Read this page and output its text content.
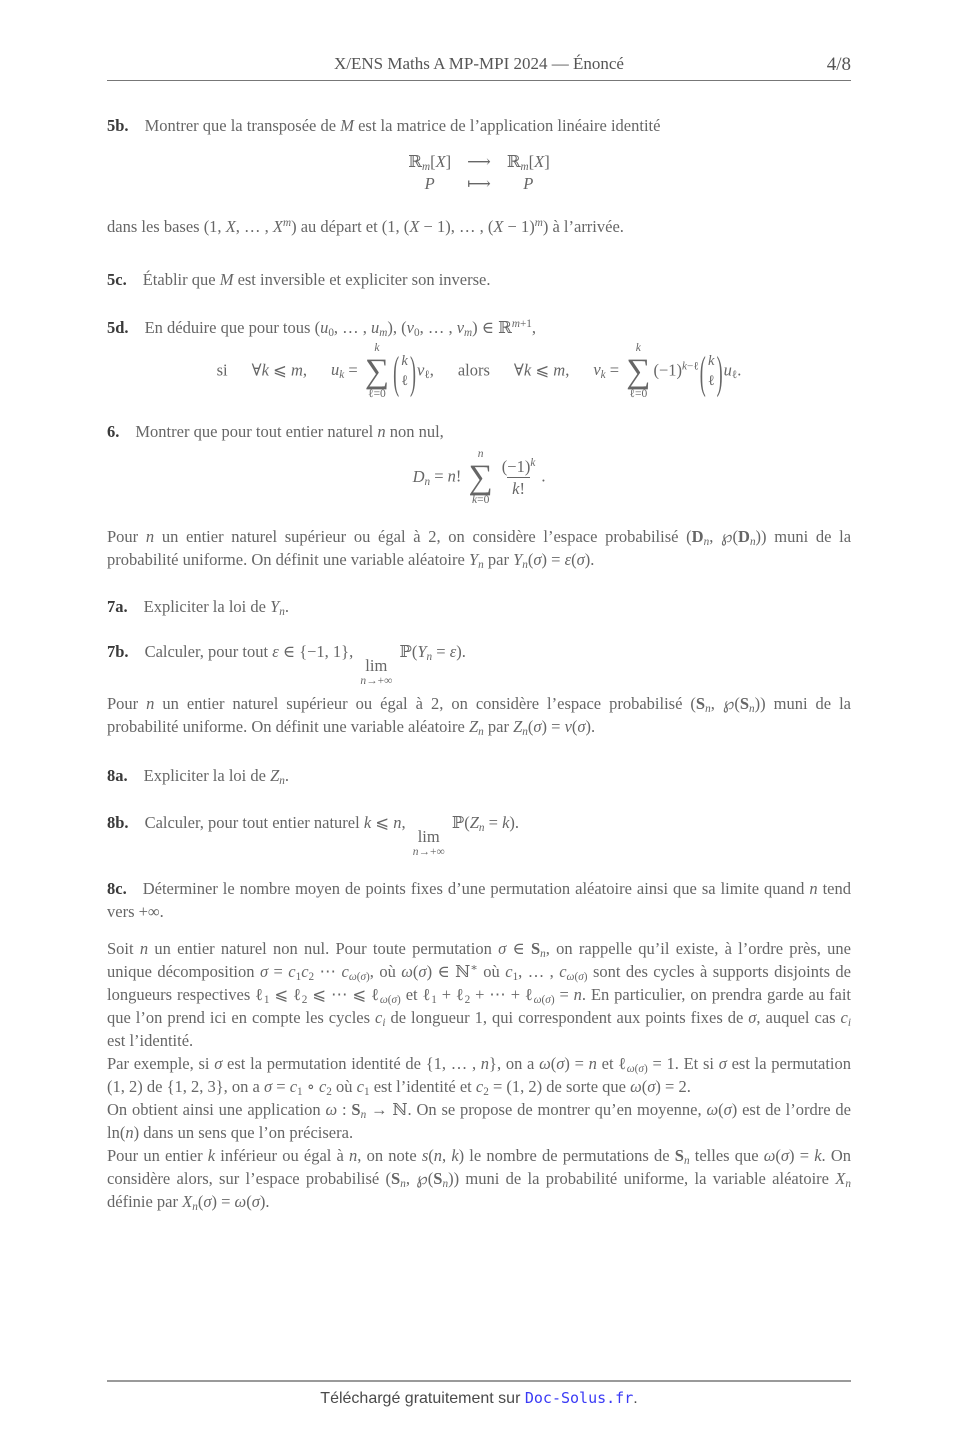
X/ENS Maths A MP-MPI 2024 — Énoncé	4/8

5b. Montrer que la transposée de M est la matrice de l’application linéaire identité

ℝ$_m$[X] ⟶ ℝ$_m$[X]
P	⟼	P

dans les bases (1, X, … , $X^m$) au départ et (1, (X − 1), … , $(X - 1)^m$) à l’arrivée.

5c. Établir que M est inversible et expliciter son inverse.

5d. En déduire que pour tous ($u_0$, … , $u_m$), ($v_0$, … , $v_m$) ∈ ℝ$^{m+1}$,

si ∀k ⩽ m, $u_k$ =
k
∑
ℓ=0 ( k
ℓ ) $v_\ell$, alors ∀k ⩽ m, $v_k$ =
k
∑
ℓ=0
$(-1)^{k-\ell}$ ( k
ℓ ) $u_\ell$.

6. Montrer que pour tout entier naturel n non nul,

$D_n = n$!
n
∑
k=0
$\frac{(-1)^k}{k!}$ .

Pour n un entier naturel supérieur ou égal à 2, on considère l’espace probabilisé ($D_n$, $℘(D_n)$) muni de la probabilité uniforme. On définit une variable aléatoire $Y_n$ par $Y_n(\sigma) = \varepsilon(\sigma)$.

7a. Expliciter la loi de $Y_n$.

7b. Calculer, pour tout ε ∈ {−1, 1},
lim
n→+∞
$ℙ(Y_n = \varepsilon)$.

Pour n un entier naturel supérieur ou égal à 2, on considère l’espace probabilisé ($S_n$, $℘(S_n)$) muni de la probabilité uniforme. On définit une variable aléatoire $Z_n$ par $Z_n(\sigma) = \nu(\sigma)$.

8a. Expliciter la loi de $Z_n$.

8b. Calculer, pour tout entier naturel k ⩽ n,
lim
n→+∞
$ℙ(Z_n = k)$.

8c. Déterminer le nombre moyen de points fixes d’une permutation aléatoire ainsi que sa limite quand n tend vers +∞.

Soit n un entier naturel non nul. Pour toute permutation σ ∈ $S_n$, on rappelle qu’il existe, à l’ordre près, une unique décomposition $\sigma = c_1c_2$ ⋯ $c_{\omega(\sigma)}$, où ω(σ) ∈ ℕ∗ où $c_1$, … , $c_{\omega(\sigma)}$ sont des cycles à supports disjoints de longueurs respectives ℓ$_1$ ⩽ ℓ$_2$ ⩽ ⋯ ⩽ ℓ$_{\omega(\sigma)}$ et ℓ$_1$ + ℓ$_2$ + ⋯ + ℓ$_{\omega(\sigma)}$ = n. En particulier, on prendra garde au fait que l’on prend ici en compte les cycles $c_i$ de longueur 1, qui correspondent aux points fixes de σ, auquel cas $c_i$ est l’identité.

Par exemple, si σ est la permutation identité de {1, … , n}, on a ω(σ) = n et ℓ$_{\omega(\sigma)}$ = 1. Et si σ est la permutation (1, 2) de {1, 2, 3}, on a $\sigma = c_1$ ∘ $c_2$ où $c_1$ est l’identité et $c_2 = (1$, 2) de sorte que ω(σ) = 2.

On obtient ainsi une application ω : $S_n$ → ℕ. On se propose de montrer qu’en moyenne, ω(σ) est de l’ordre de ln(n) dans un sens que l’on précisera.

Pour un entier k inférieur ou égal à n, on note s(n, k) le nombre de permutations de $S_n$ telles que ω(σ) = k. On considère alors, sur l’espace probabilisé ($S_n$, $℘(S_n)$) muni de la probabilité uniforme, la variable aléatoire $X_n$ définie par $X_n(\sigma) = \omega(\sigma)$.

Téléchargé gratuitement sur Doc-Solus.fr.
